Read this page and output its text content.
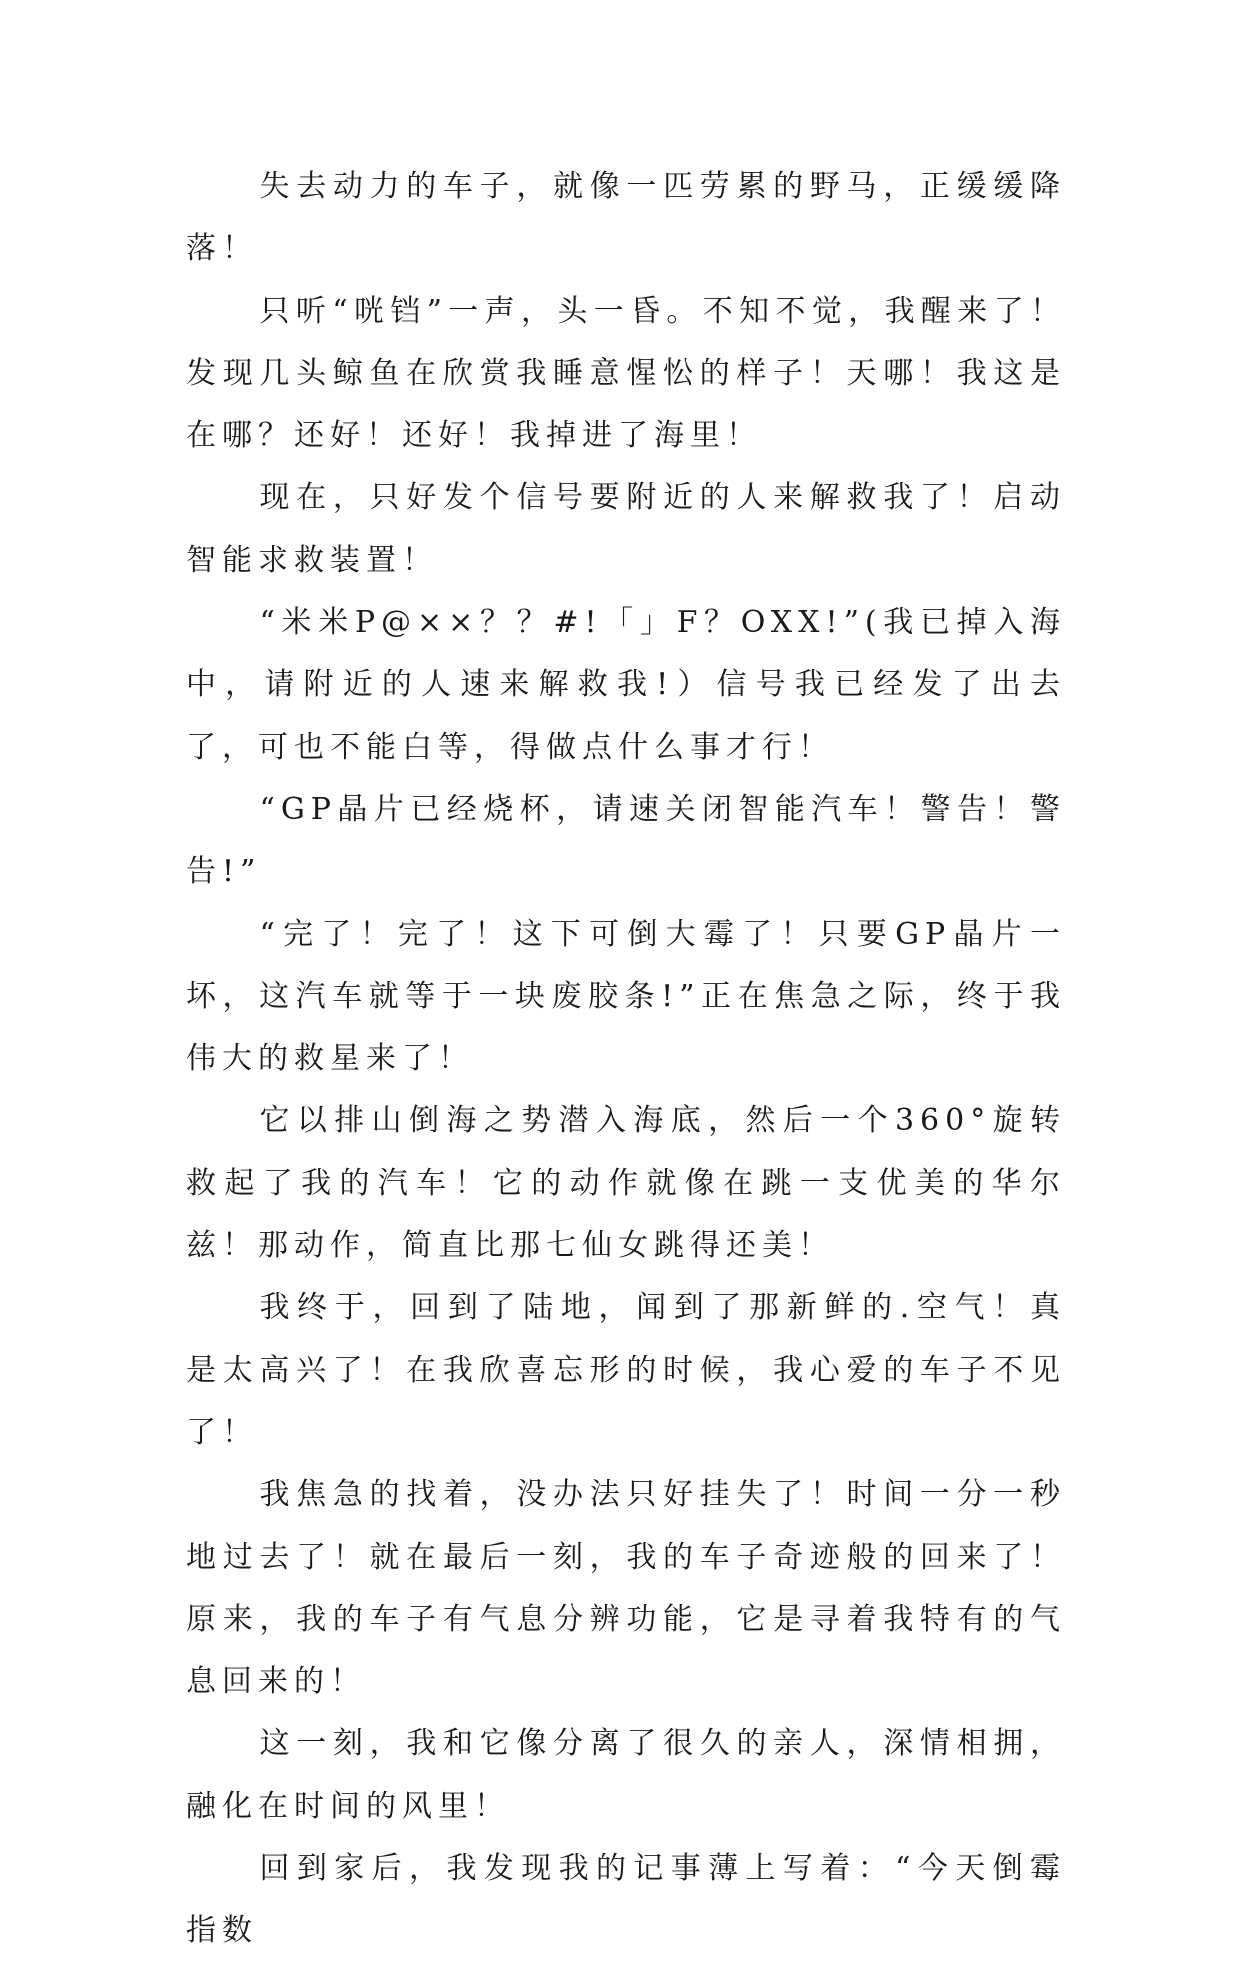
失去动力的车子，就像一匹劳累的野马，正缓缓降落！

只听“咣铛”一声，头一昏。不知不觉，我醒来了！发现几头鲸鱼在欣赏我睡意惺忪的样子！天哪！我这是在哪？还好！还好！我掉进了海里！

现在，只好发个信号要附近的人来解救我了！启动智能求救装置！

“米米P@××？？#!「」F？OXX!”(我已掉入海中，请附近的人速来解救我!）信号我已经发了出去了，可也不能白等，得做点什么事才行！

“GP晶片已经烧杯，请速关闭智能汽车！警告！警告!”

“完了！完了！这下可倒大霉了！只要GP晶片一坏，这汽车就等于一块废胶条!”正在焦急之际，终于我伟大的救星来了！

它以排山倒海之势潜入海底，然后一个360°旋转救起了我的汽车！它的动作就像在跳一支优美的华尔兹！那动作，简直比那七仙女跳得还美！

我终于，回到了陆地，闻到了那新鲜的.空气！真是太高兴了！在我欣喜忘形的时候，我心爱的车子不见了！

我焦急的找着，没办法只好挂失了！时间一分一秒地过去了！就在最后一刻，我的车子奇迹般的回来了！原来，我的车子有气息分辨功能，它是寻着我特有的气息回来的！

这一刻，我和它像分离了很久的亲人，深情相拥，融化在时间的风里！

回到家后，我发现我的记事薄上写着：“今天倒霉指数
